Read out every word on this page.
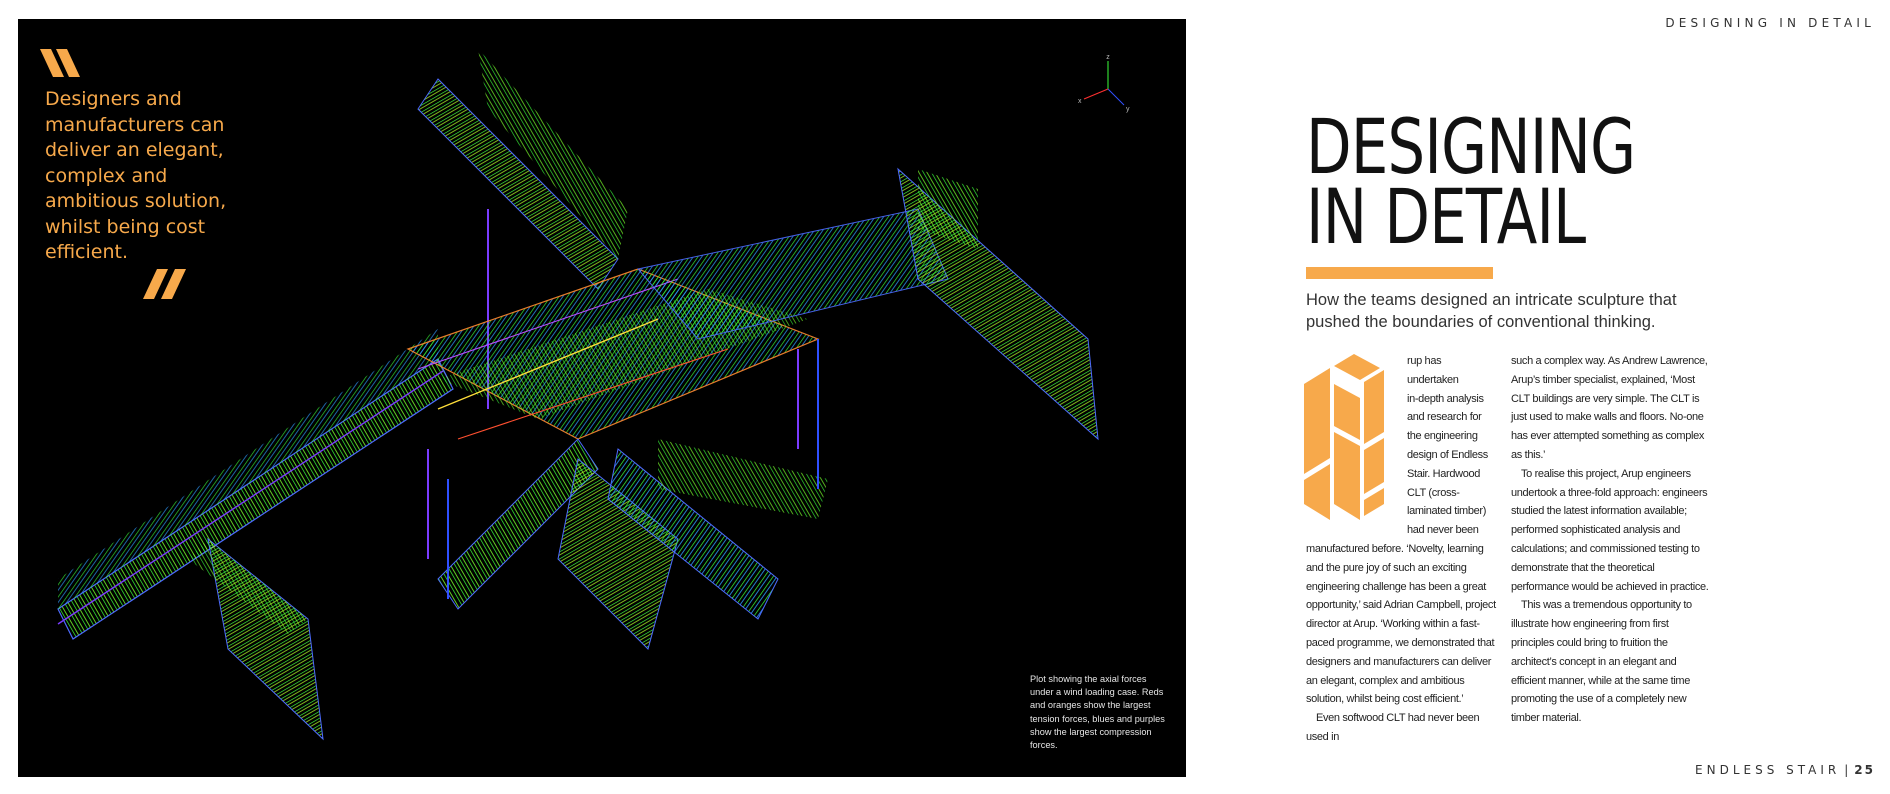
z
x
y
Designers and manufacturers can deliver an elegant, complex and ambitious solution, whilst being cost efficient.
Plot showing the axial forces under a wind loading case. Reds and oranges show the largest tension forces, blues and purples show the largest compression forces.
DESIGNING IN DETAIL
DESIGNING
IN DETAIL
How the teams designed an intricate sculpture that pushed the boundaries of conventional thinking.
rup has
undertaken
in-depth analysis
and research for
the engineering
design of Endless
Stair. Hardwood
CLT (cross-
laminated timber)
had never been

manufactured before. ‘Novelty, learning and the pure joy of such an exciting engineering challenge has been a great opportunity,’ said Adrian Campbell, project director at Arup. ‘Working within a fast-paced programme, we demonstrated that designers and manufacturers can deliver an elegant, complex and ambitious solution, whilst being cost efficient.’

Even softwood CLT had never been used in

such a complex way. As Andrew Lawrence, Arup’s timber specialist, explained, ‘Most CLT buildings are very simple. The CLT is just used to make walls and floors. No-one has ever attempted something as complex as this.’

To realise this project, Arup engineers undertook a three-fold approach: engineers studied the latest information available; performed sophisticated analysis and calculations; and commissioned testing to demonstrate that the theoretical performance would be achieved in practice.

This was a tremendous opportunity to illustrate how engineering from first principles could bring to fruition the architect’s concept in an elegant and efficient manner, while at the same time promoting the use of a completely new timber material.

ENDLESS STAIR | 25
